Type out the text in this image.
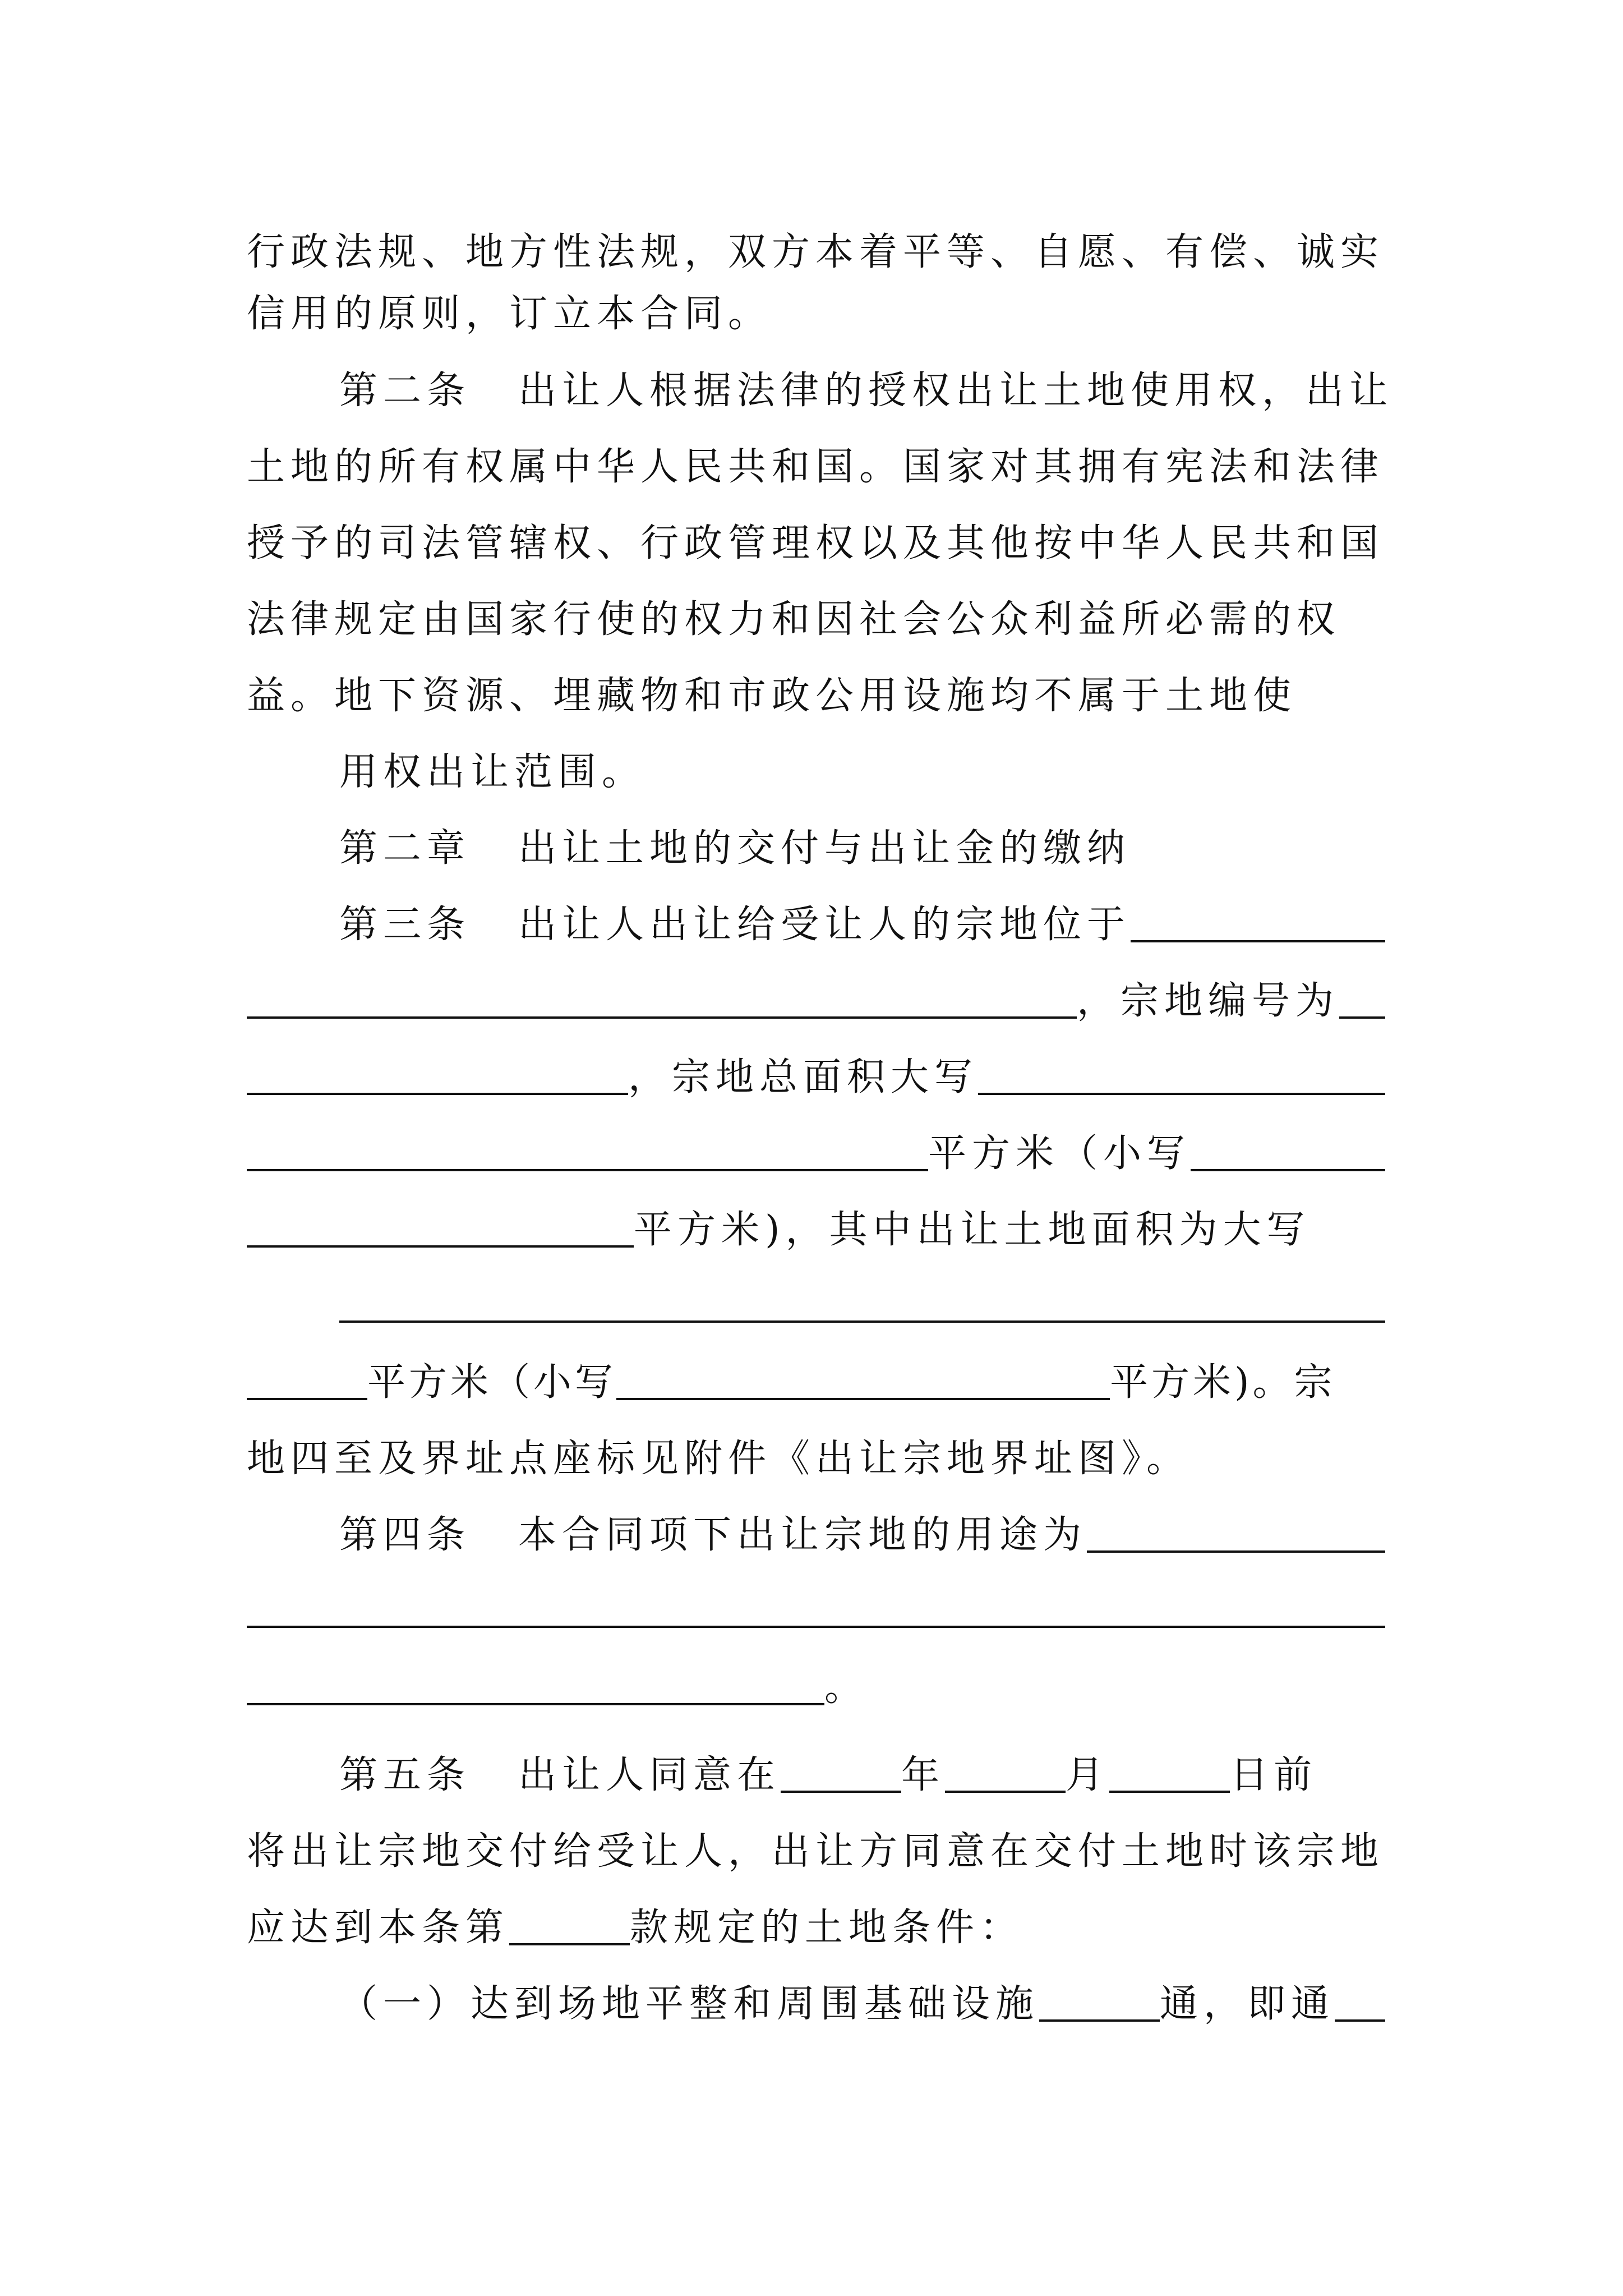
行政法规、地方性法规，双方本着平等、自愿、有偿、诚实
信用的原则，订立本合同。
第二条 出让人根据法律的授权出让土地使用权，出让
土地的所有权属中华人民共和国。国家对其拥有宪法和法律
授予的司法管辖权、行政管理权以及其他按中华人民共和国
法律规定由国家行使的权力和因社会公众利益所必需的权
益。地下资源、埋藏物和市政公用设施均不属于土地使
用权出让范围。
第二章 出让土地的交付与出让金的缴纳
第三条 出让人出让给受让人的宗地位于
，宗地编号为
，宗地总面积大写
平方米（小写
平方米)，其中出让土地面积为大写
平方米（小写	平方米)。宗
地四至及界址点座标见附件《出让宗地界址图》。
第四条 本合同项下出让宗地的用途为
。
第五条 出让人同意在	年	月	日前
将出让宗地交付给受让人，出让方同意在交付土地时该宗地
应达到本条第	款规定的土地条件：
（一）达到场地平整和周围基础设施	通，即通
